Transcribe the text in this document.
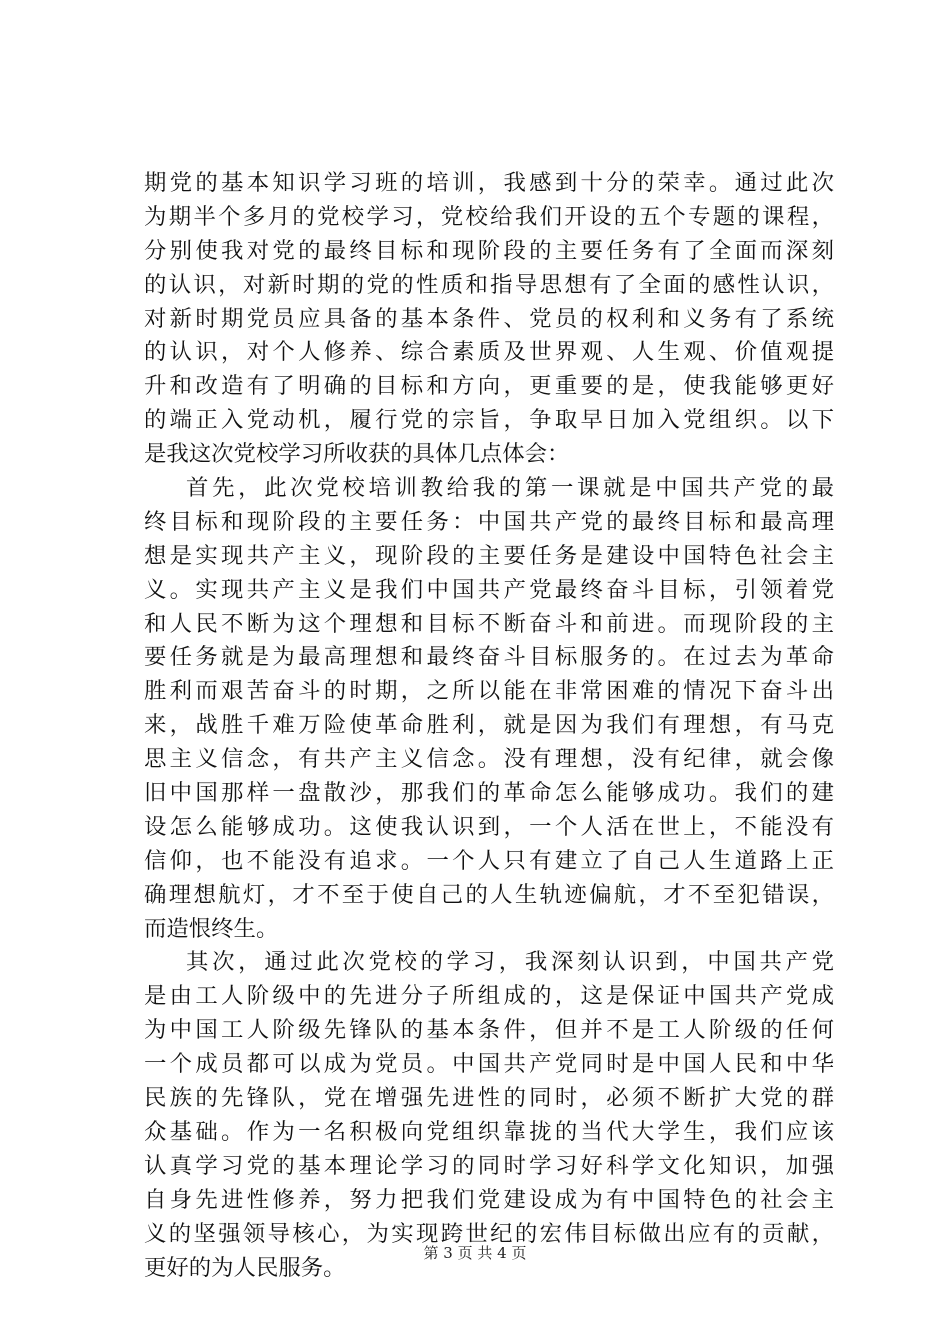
期党的基本知识学习班的培训，我感到十分的荣幸。通过此次
为期半个多月的党校学习，党校给我们开设的五个专题的课程，
分别使我对党的最终目标和现阶段的主要任务有了全面而深刻
的认识，对新时期的党的性质和指导思想有了全面的感性认识，
对新时期党员应具备的基本条件、党员的权利和义务有了系统
的认识，对个人修养、综合素质及世界观、人生观、价值观提
升和改造有了明确的目标和方向，更重要的是，使我能够更好
的端正入党动机，履行党的宗旨，争取早日加入党组织。以下
是我这次党校学习所收获的具体几点体会：
首先，此次党校培训教给我的第一课就是中国共产党的最
终目标和现阶段的主要任务：中国共产党的最终目标和最高理
想是实现共产主义，现阶段的主要任务是建设中国特色社会主
义。实现共产主义是我们中国共产党最终奋斗目标，引领着党
和人民不断为这个理想和目标不断奋斗和前进。而现阶段的主
要任务就是为最高理想和最终奋斗目标服务的。在过去为革命
胜利而艰苦奋斗的时期，之所以能在非常困难的情况下奋斗出
来，战胜千难万险使革命胜利，就是因为我们有理想，有马克
思主义信念，有共产主义信念。没有理想，没有纪律，就会像
旧中国那样一盘散沙，那我们的革命怎么能够成功。我们的建
设怎么能够成功。这使我认识到，一个人活在世上，不能没有
信仰，也不能没有追求。一个人只有建立了自己人生道路上正
确理想航灯，才不至于使自己的人生轨迹偏航，才不至犯错误，
而造恨终生。
其次，通过此次党校的学习，我深刻认识到，中国共产党
是由工人阶级中的先进分子所组成的，这是保证中国共产党成
为中国工人阶级先锋队的基本条件，但并不是工人阶级的任何
一个成员都可以成为党员。中国共产党同时是中国人民和中华
民族的先锋队，党在增强先进性的同时，必须不断扩大党的群
众基础。作为一名积极向党组织靠拢的当代大学生，我们应该
认真学习党的基本理论学习的同时学习好科学文化知识，加强
自身先进性修养，努力把我们党建设成为有中国特色的社会主
义的坚强领导核心，为实现跨世纪的宏伟目标做出应有的贡献，
更好的为人民服务。
第 3 页 共 4 页
